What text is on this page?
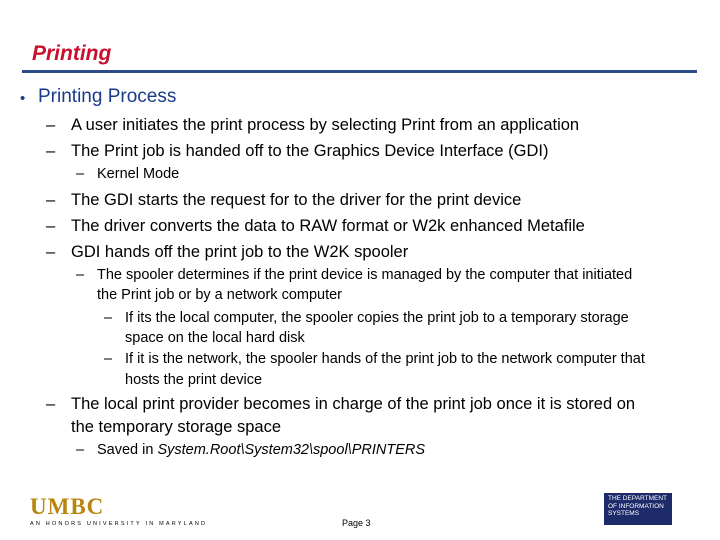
Printing
• Printing Process
– A user initiates the print process by selecting Print from an application
– The Print job is handed off to the Graphics Device Interface (GDI)
– Kernel Mode
– The GDI starts the request for to the driver for the print device
– The driver converts the data to RAW format or W2k enhanced Metafile
– GDI hands off the print job to the W2K spooler
– The spooler determines if the print device is managed by the computer that initiated
the Print job or by a network computer
– If its the local computer, the spooler copies the print job to a temporary storage
space on the local hard disk
– If it is the network, the spooler hands of the print job to the network computer that
hosts the print device
– The local print provider becomes in charge of the print job once it is stored on
the temporary storage space
– Saved in System.Root\System32\spool\PRINTERS
UMBC
AN HONORS UNIVERSITY IN MARYLAND	Page 3
THE DEPARTMENT
OF INFORMATION
SYSTEMS
